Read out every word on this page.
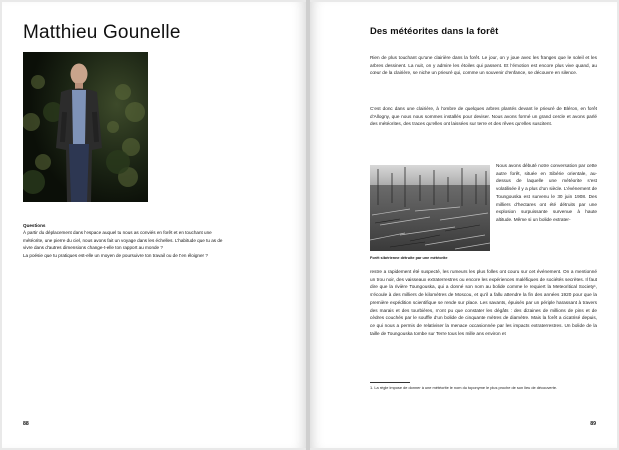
Matthieu Gounelle

Questions

À partir du déplacement dans l’espace auquel tu nous as conviés en forêt et en touchant une météorite, une pierre du ciel, nous avons fait un voyage dans les échelles. L’habitude que tu as de vivre dans d’autres dimensions change-t-elle ton rapport au monde ?

La poésie que tu pratiques est-elle un moyen de poursuivre ton travail ou de t’en éloigner ?

88
Des météorites dans la forêt

Rien de plus touchant qu’une clairière dans la forêt. Le jour, on y joue avec les franges que le soleil et les arbres dessinent. La nuit, on y admire les étoiles qui passent. Et l’émotion est encore plus vive quand, au cœur de la clairière, se niche un prieuré qui, comme un souvenir d’enfance, se découvre en silence.

C’est donc dans une clairière, à l’ombre de quelques arbres plantés devant le prieuré de Bléron, en forêt d’Allogny, que nous nous sommes installés pour deviser. Nous avons formé un grand cercle et avons parlé des météorites, des traces qu’elles ont laissées sur terre et des rêves qu’elles suscitent.

Forêt sibérienne détruite par une météorite

Nous avons débuté notre conversation par cette autre forêt, située en Sibérie orientale, au-dessus de laquelle une météorite s’est volatilisée il y a plus d’un siècle. L’événement de Toungouska est survenu le 30 juin 1908. Des milliers d’hectares ont été détruits par une explosion surpuissante survenue à haute altitude. Même si un bolide extrater-

restre a rapidement été suspecté, les rumeurs les plus folles ont couru sur cet événement. On a mentionné un trou noir, des vaisseaux extraterrestres ou encore les expériences maléfiques de sociétés secrètes. Il faut dire que la rivière Toungouska, qui a donné son nom au bolide comme le requiert la Meteoritical Society¹, s’écoule à des milliers de kilomètres de Moscou, et qu’il a fallu attendre la fin des années 1920 pour que la première expédition scientifique se rende sur place. Les savants, épuisés par un périple harassant à travers des marais et des tourbières, n’ont pu que constater les dégâts : des dizaines de millions de pins et de cèdres couchés par le souffle d’un bolide de cinquante mètres de diamètre. Mais la forêt a cicatrisé depuis, ce qui nous a permis de relativiser la menace occasionnée par les impacts extraterrestres. Un bolide de la taille de Toungouska tombe sur Terre tous les mille ans environ et

1. La règle impose de donner à une météorite le nom du toponyme le plus proche de son lieu de découverte.

89
